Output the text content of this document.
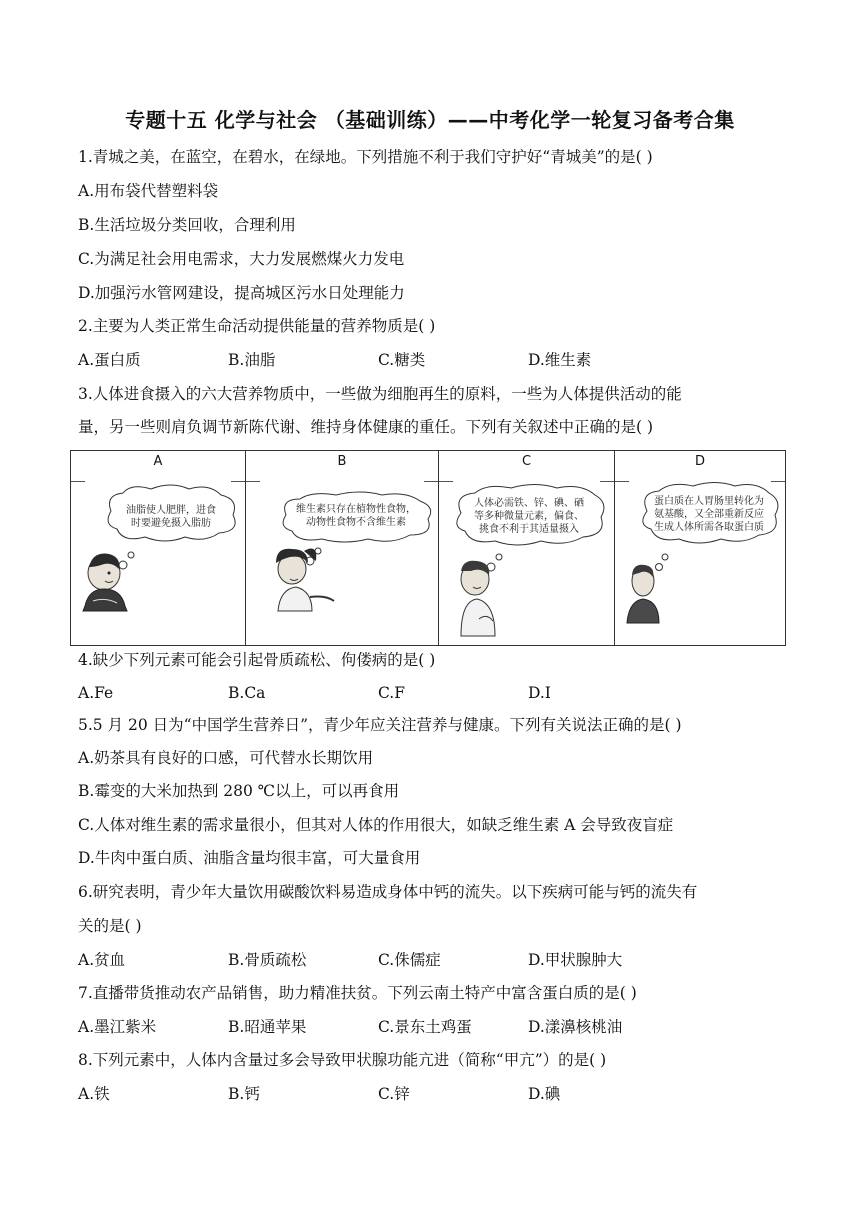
专题十五 化学与社会 （基础训练）——中考化学一轮复习备考合集
1.青城之美，在蓝空，在碧水，在绿地。下列措施不利于我们守护好“青城美”的是( )
A.用布袋代替塑料袋
B.生活垃圾分类回收，合理利用
C.为满足社会用电需求，大力发展燃煤火力发电
D.加强污水管网建设，提高城区污水日处理能力
2.主要为人类正常生命活动提供能量的营养物质是( )
A.蛋白质	B.油脂	C.糖类	D.维生素
3.人体进食摄入的六大营养物质中，一些做为细胞再生的原料，一些为人体提供活动的能
量，另一些则肩负调节新陈代谢、维持身体健康的重任。下列有关叙述中正确的是( )
A
油脂使人肥胖，进食
时要避免摄入脂肪
B
维生素只存在植物性食物，
动物性食物不含维生素
C
人体必需铁、锌、碘、硒
等多种微量元素，偏食、
挑食不利于其适量摄入
D
蛋白质在人胃肠里转化为
氨基酸，又全部重新反应
生成人体所需各取蛋白质
4.缺少下列元素可能会引起骨质疏松、佝偻病的是( )
A.Fe	B.Ca	C.F	D.I
5.5 月 20 日为“中国学生营养日”，青少年应关注营养与健康。下列有关说法正确的是( )
A.奶茶具有良好的口感，可代替水长期饮用
B.霉变的大米加热到 280 ℃以上，可以再食用
C.人体对维生素的需求量很小，但其对人体的作用很大，如缺乏维生素 A 会导致夜盲症
D.牛肉中蛋白质、油脂含量均很丰富，可大量食用
6.研究表明，青少年大量饮用碳酸饮料易造成身体中钙的流失。以下疾病可能与钙的流失有
关的是( )
A.贫血	B.骨质疏松	C.侏儒症	D.甲状腺肿大
7.直播带货推动农产品销售，助力精准扶贫。下列云南土特产中富含蛋白质的是( )
A.墨江紫米	B.昭通苹果	C.景东土鸡蛋	D.漾濞核桃油
8.下列元素中，人体内含量过多会导致甲状腺功能亢进（简称“甲亢”）的是( )
A.铁	B.钙	C.锌	D.碘
